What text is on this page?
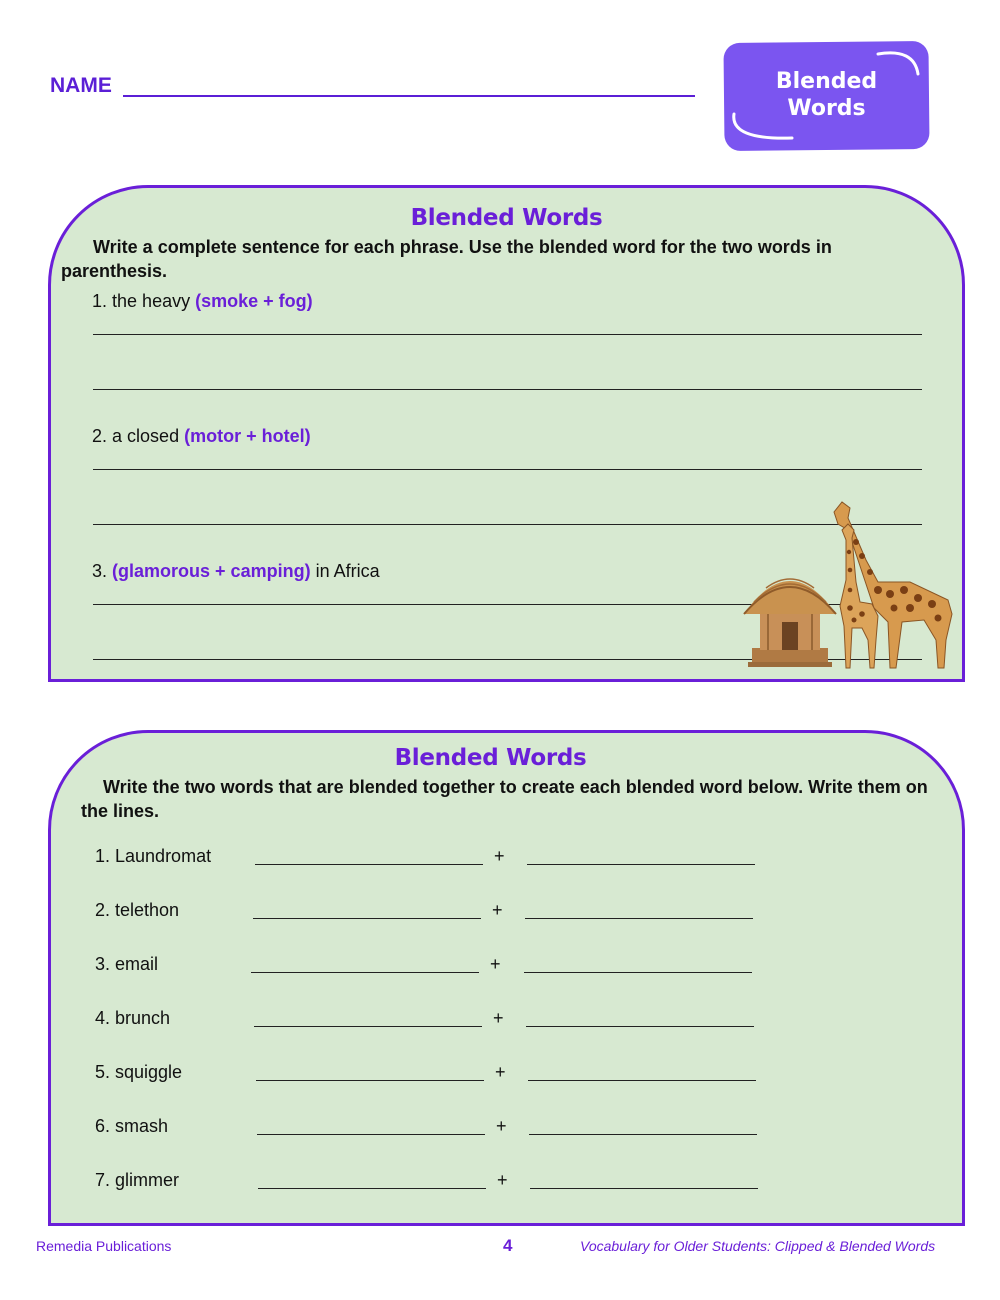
NAME	Blended
Words
Blended Words
Write a complete sentence for each phrase. Use the blended word for the two words in parenthesis.
1. the heavy (smoke + fog)
2. a closed (motor + hotel)
3. (glamorous + camping) in Africa
Blended Words
Write the two words that are blended together to create each blended word below. Write them on the lines.
1. Laundromat	+
2. telethon	+
3. email	+
4. brunch	+
5. squiggle	+
6. smash	+
7. glimmer	+
Remedia Publications	4	Vocabulary for Older Students: Clipped & Blended Words
